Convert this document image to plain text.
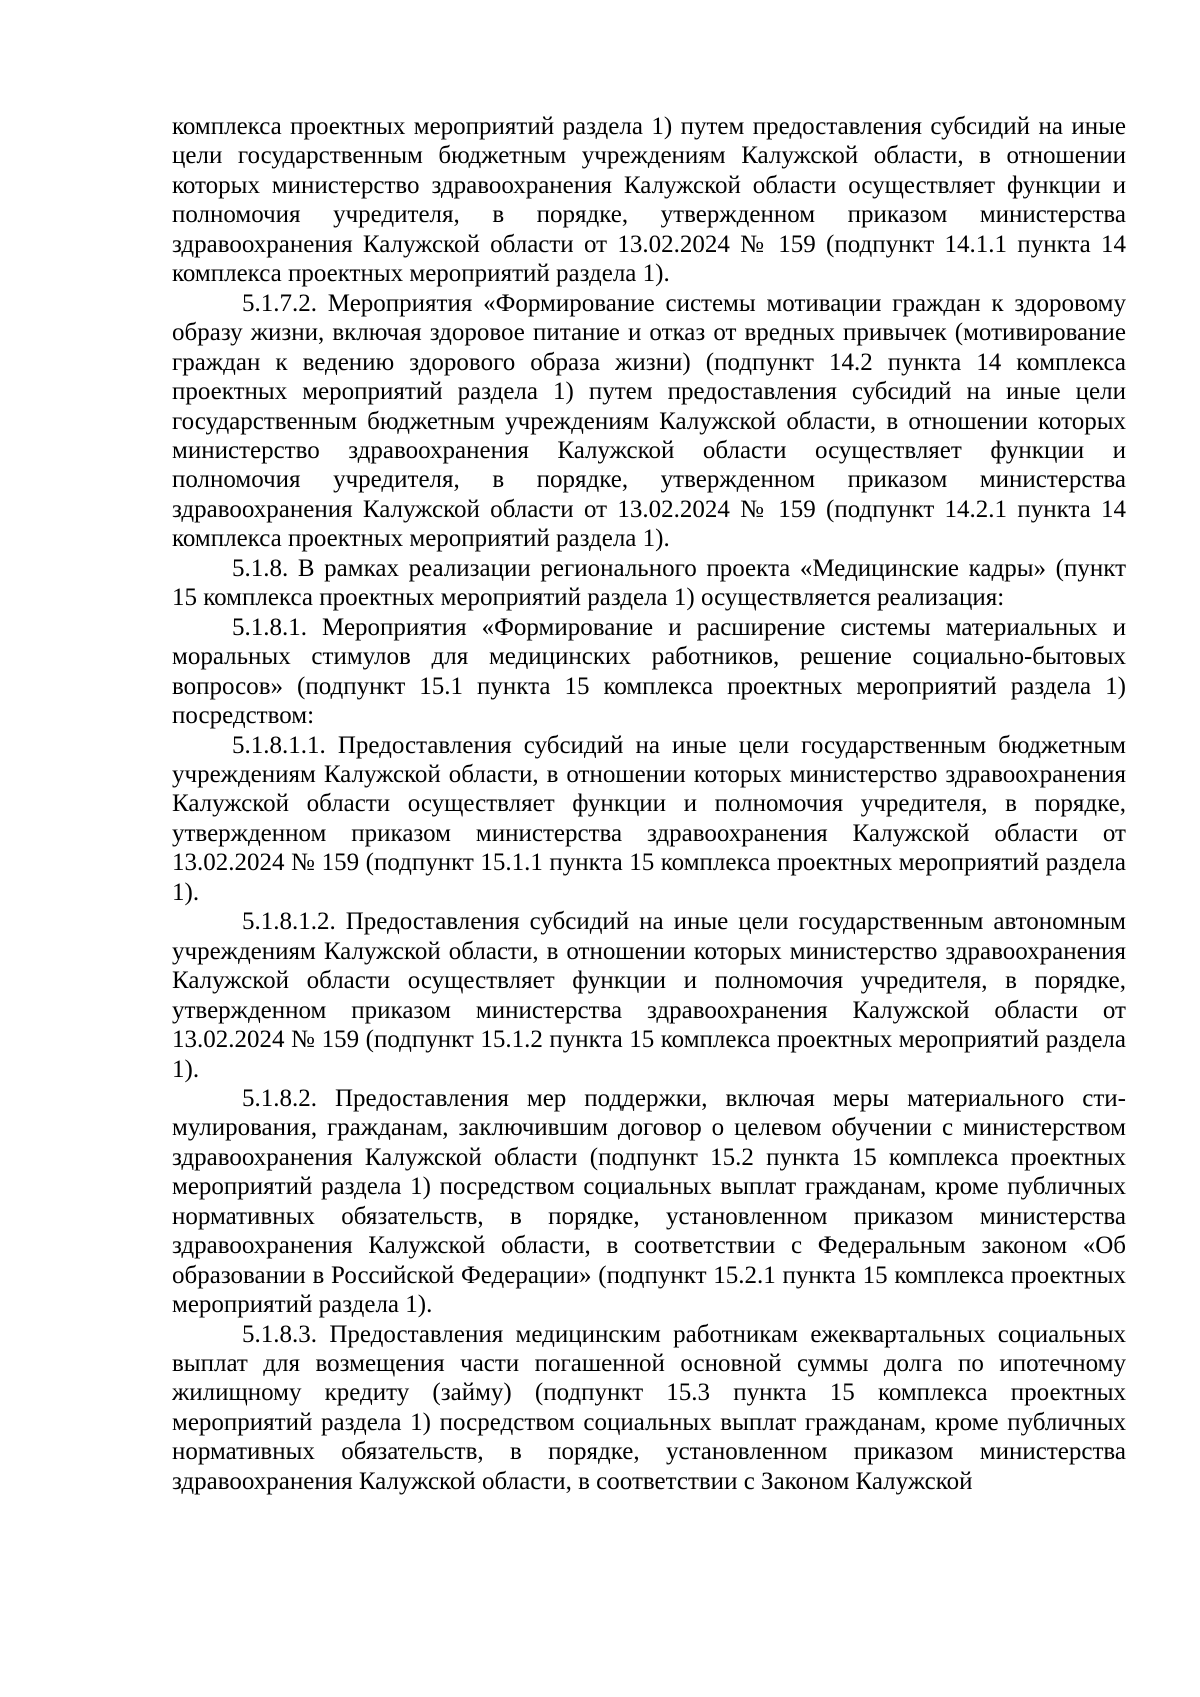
комплекса проектных мероприятий раздела 1) путем предоставления субсидий на иные цели государственным бюджетным учреждениям Калужской области, в отношении которых министерство здравоохранения Калужской области осуществляет функции и полномочия учредителя, в порядке, утвержденном приказом министерства здравоохранения Калужской области от 13.02.2024 № 159 (подпункт 14.1.1 пункта 14 комплекса проектных мероприятий раздела 1).

5.1.7.2. Мероприятия «Формирование системы мотивации граждан к здоровому образу жизни, включая здоровое питание и отказ от вредных привычек (мотивирование граждан к ведению здорового образа жизни) (подпункт 14.2 пункта 14 комплекса проектных мероприятий раздела 1) путем предоставления субсидий на иные цели государственным бюджетным учреждениям Калужской области, в отношении которых министерство здравоохранения Калужской области осуществляет функции и полномочия учредителя, в порядке, утвержденном приказом министерства здравоохранения Калужской области от 13.02.2024 № 159 (подпункт 14.2.1 пункта 14 комплекса проектных мероприятий раздела 1).

5.1.8. В рамках реализации регионального проекта «Медицинские кадры» (пункт 15 комплекса проектных мероприятий раздела 1) осуществляется реализация:

5.1.8.1. Мероприятия «Формирование и расширение системы материальных и моральных стимулов для медицинских работников, решение социально-бытовых вопросов» (подпункт 15.1 пункта 15 комплекса проектных мероприятий раздела 1) посредством:

5.1.8.1.1. Предоставления субсидий на иные цели государственным бюджетным учреждениям Калужской области, в отношении которых министерство здравоохранения Калужской области осуществляет функции и полномочия учредителя, в порядке, утвержденном приказом министерства здравоохранения Калужской области от 13.02.2024 № 159 (подпункт 15.1.1 пункта 15 комплекса проектных мероприятий раздела 1).

5.1.8.1.2. Предоставления субсидий на иные цели государственным автономным учреждениям Калужской области, в отношении которых министерство здравоохранения Калужской области осуществляет функции и полномочия учредителя, в порядке, утвержденном приказом министерства здравоохранения Калужской области от 13.02.2024 № 159 (подпункт 15.1.2 пункта 15 комплекса проектных мероприятий раздела 1).

5.1.8.2. Предоставления мер поддержки, включая меры материального стимулирования, гражданам, заключившим договор о целевом обучении с министерством здравоохранения Калужской области (подпункт 15.2 пункта 15 комплекса проектных мероприятий раздела 1) посредством социальных выплат гражданам, кроме публичных нормативных обязательств, в порядке, установленном приказом министерства здравоохранения Калужской области, в соответствии с Федеральным законом «Об образовании в Российской Федерации» (подпункт 15.2.1 пункта 15 комплекса проектных мероприятий раздела 1).

5.1.8.3. Предоставления медицинским работникам ежеквартальных социальных выплат для возмещения части погашенной основной суммы долга по ипотечному жилищному кредиту (займу) (подпункт 15.3 пункта 15 комплекса проектных мероприятий раздела 1) посредством социальных выплат гражданам, кроме публичных нормативных обязательств, в порядке, установленном приказом министерства здравоохранения Калужской области, в соответствии с Законом Калужской
